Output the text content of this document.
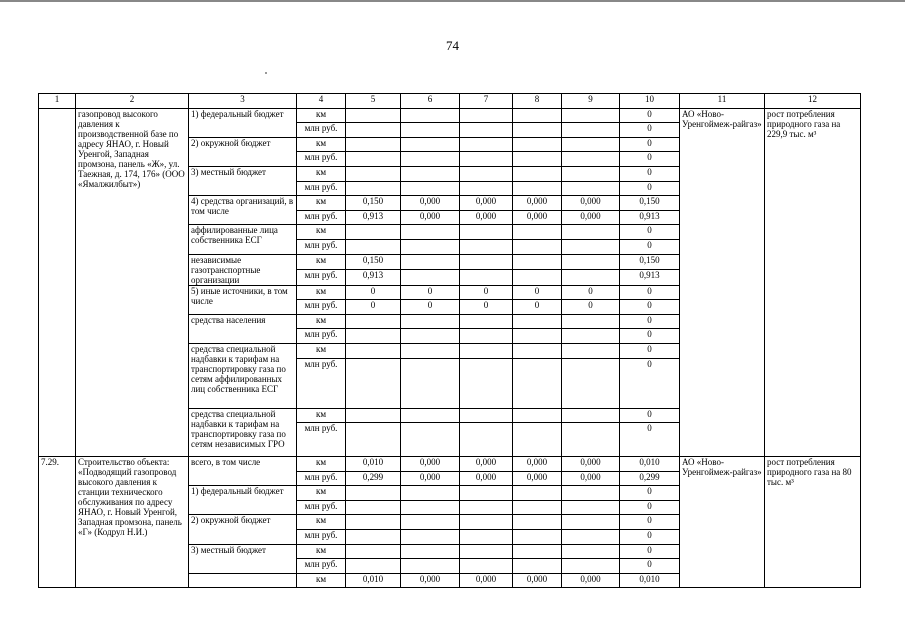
74
1	2	3	4	5	6	7	8	9	10	11	12
	газопровод высокого давления к производственной базе по адресу ЯНАО, г. Новый Уренгой, Западная промзона, панель «Ж», ул. Таежная, д. 174, 176» (ООО «Ямалжилбыт»)	1) федеральный бюджет	км						0	АО «Ново-Уренгоймеж-райгаз»	рост потребления природного газа на 229,9 тыс. м³
			млн руб.						0		
		2) окружной бюджет	км						0		
			млн руб.						0		
		3) местный бюджет	км						0		
			млн руб.						0		
		4) средства организаций, в том числе	км	0,150	0,000	0,000	0,000	0,000	0,150		
			млн руб.	0,913	0,000	0,000	0,000	0,000	0,913		
		аффилированные лица собственника ЕСГ	км						0		
			млн руб.						0		
		независимые газотранспортные организации	км	0,150					0,150		
			млн руб.	0,913					0,913		
		5) иные источники, в том числе	км	0	0	0	0	0	0		
			млн руб.	0	0	0	0	0	0		
		средства населения	км						0		
			млн руб.						0		
		средства специальной надбавки к тарифам на транспортировку газа по сетям аффилированных лиц собственника ЕСГ	км						0		
			млн руб.						0		
		средства специальной надбавки к тарифам на транспортировку газа по сетям независимых ГРО	км						0		
			млн руб.						0		
7.29.	Строительство объекта: «Подводящий газопровод высокого давления к станции технического обслуживания по адресу ЯНАО, г. Новый Уренгой, Западная промзона, панель «Г» (Кодрул Н.И.)	всего, в том числе	км	0,010	0,000	0,000	0,000	0,000	0,010	АО «Ново-Уренгоймеж-райгаз»	рост потребления природного газа на 80 тыс. м³
			млн руб.	0,299	0,000	0,000	0,000	0,000	0,299		
		1) федеральный бюджет	км						0		
			млн руб.						0		
		2) окружной бюджет	км						0		
			млн руб.						0		
		3) местный бюджет	км						0		
			млн руб.						0		
			км	0,010	0,000	0,000	0,000	0,000	0,010		
